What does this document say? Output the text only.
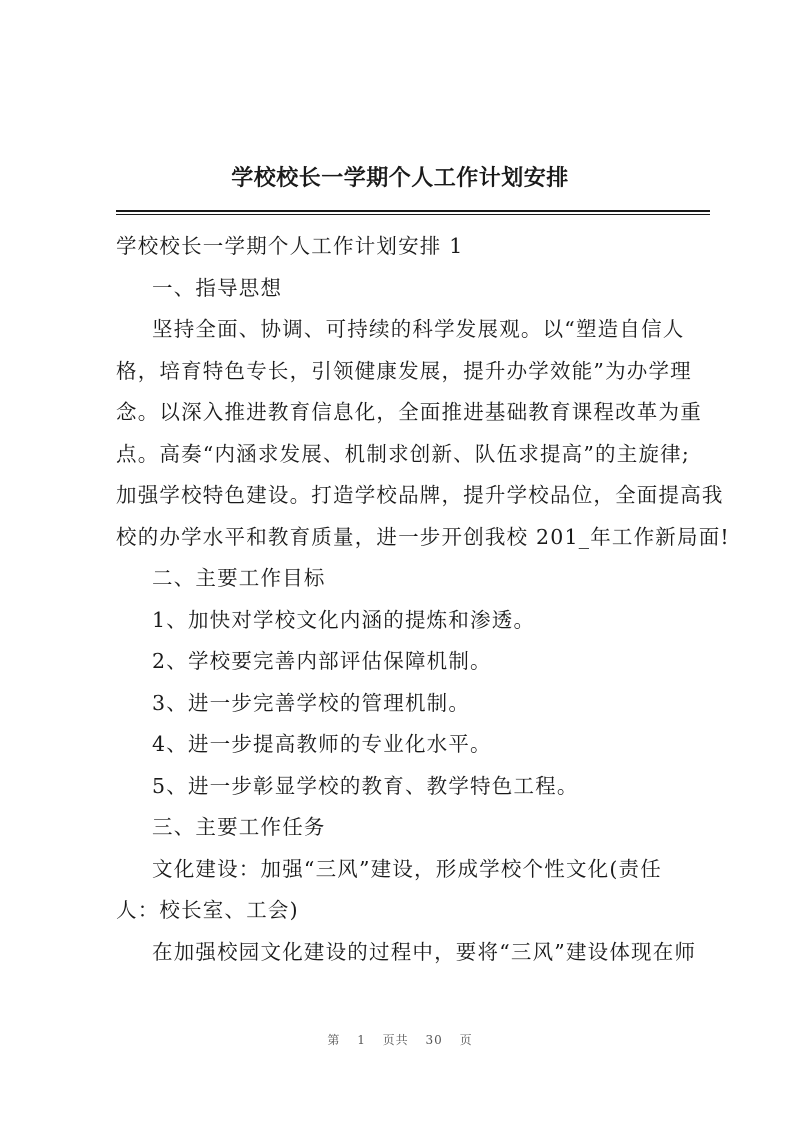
学校校长一学期个人工作计划安排
学校校长一学期个人工作计划安排 1
一、指导思想
坚持全面、协调、可持续的科学发展观。以“塑造自信人
格，培育特色专长，引领健康发展，提升办学效能”为办学理
念。以深入推进教育信息化，全面推进基础教育课程改革为重
点。高奏“内涵求发展、机制求创新、队伍求提高”的主旋律;
加强学校特色建设。打造学校品牌，提升学校品位，全面提高我
校的办学水平和教育质量，进一步开创我校 201_年工作新局面!
二、主要工作目标
1、加快对学校文化内涵的提炼和渗透。
2、学校要完善内部评估保障机制。
3、进一步完善学校的管理机制。
4、进一步提高教师的专业化水平。
5、进一步彰显学校的教育、教学特色工程。
三、主要工作任务
文化建设：加强“三风”建设，形成学校个性文化(责任
人：校长室、工会)
在加强校园文化建设的过程中，要将“三风”建设体现在师
第 1 页共 30 页
